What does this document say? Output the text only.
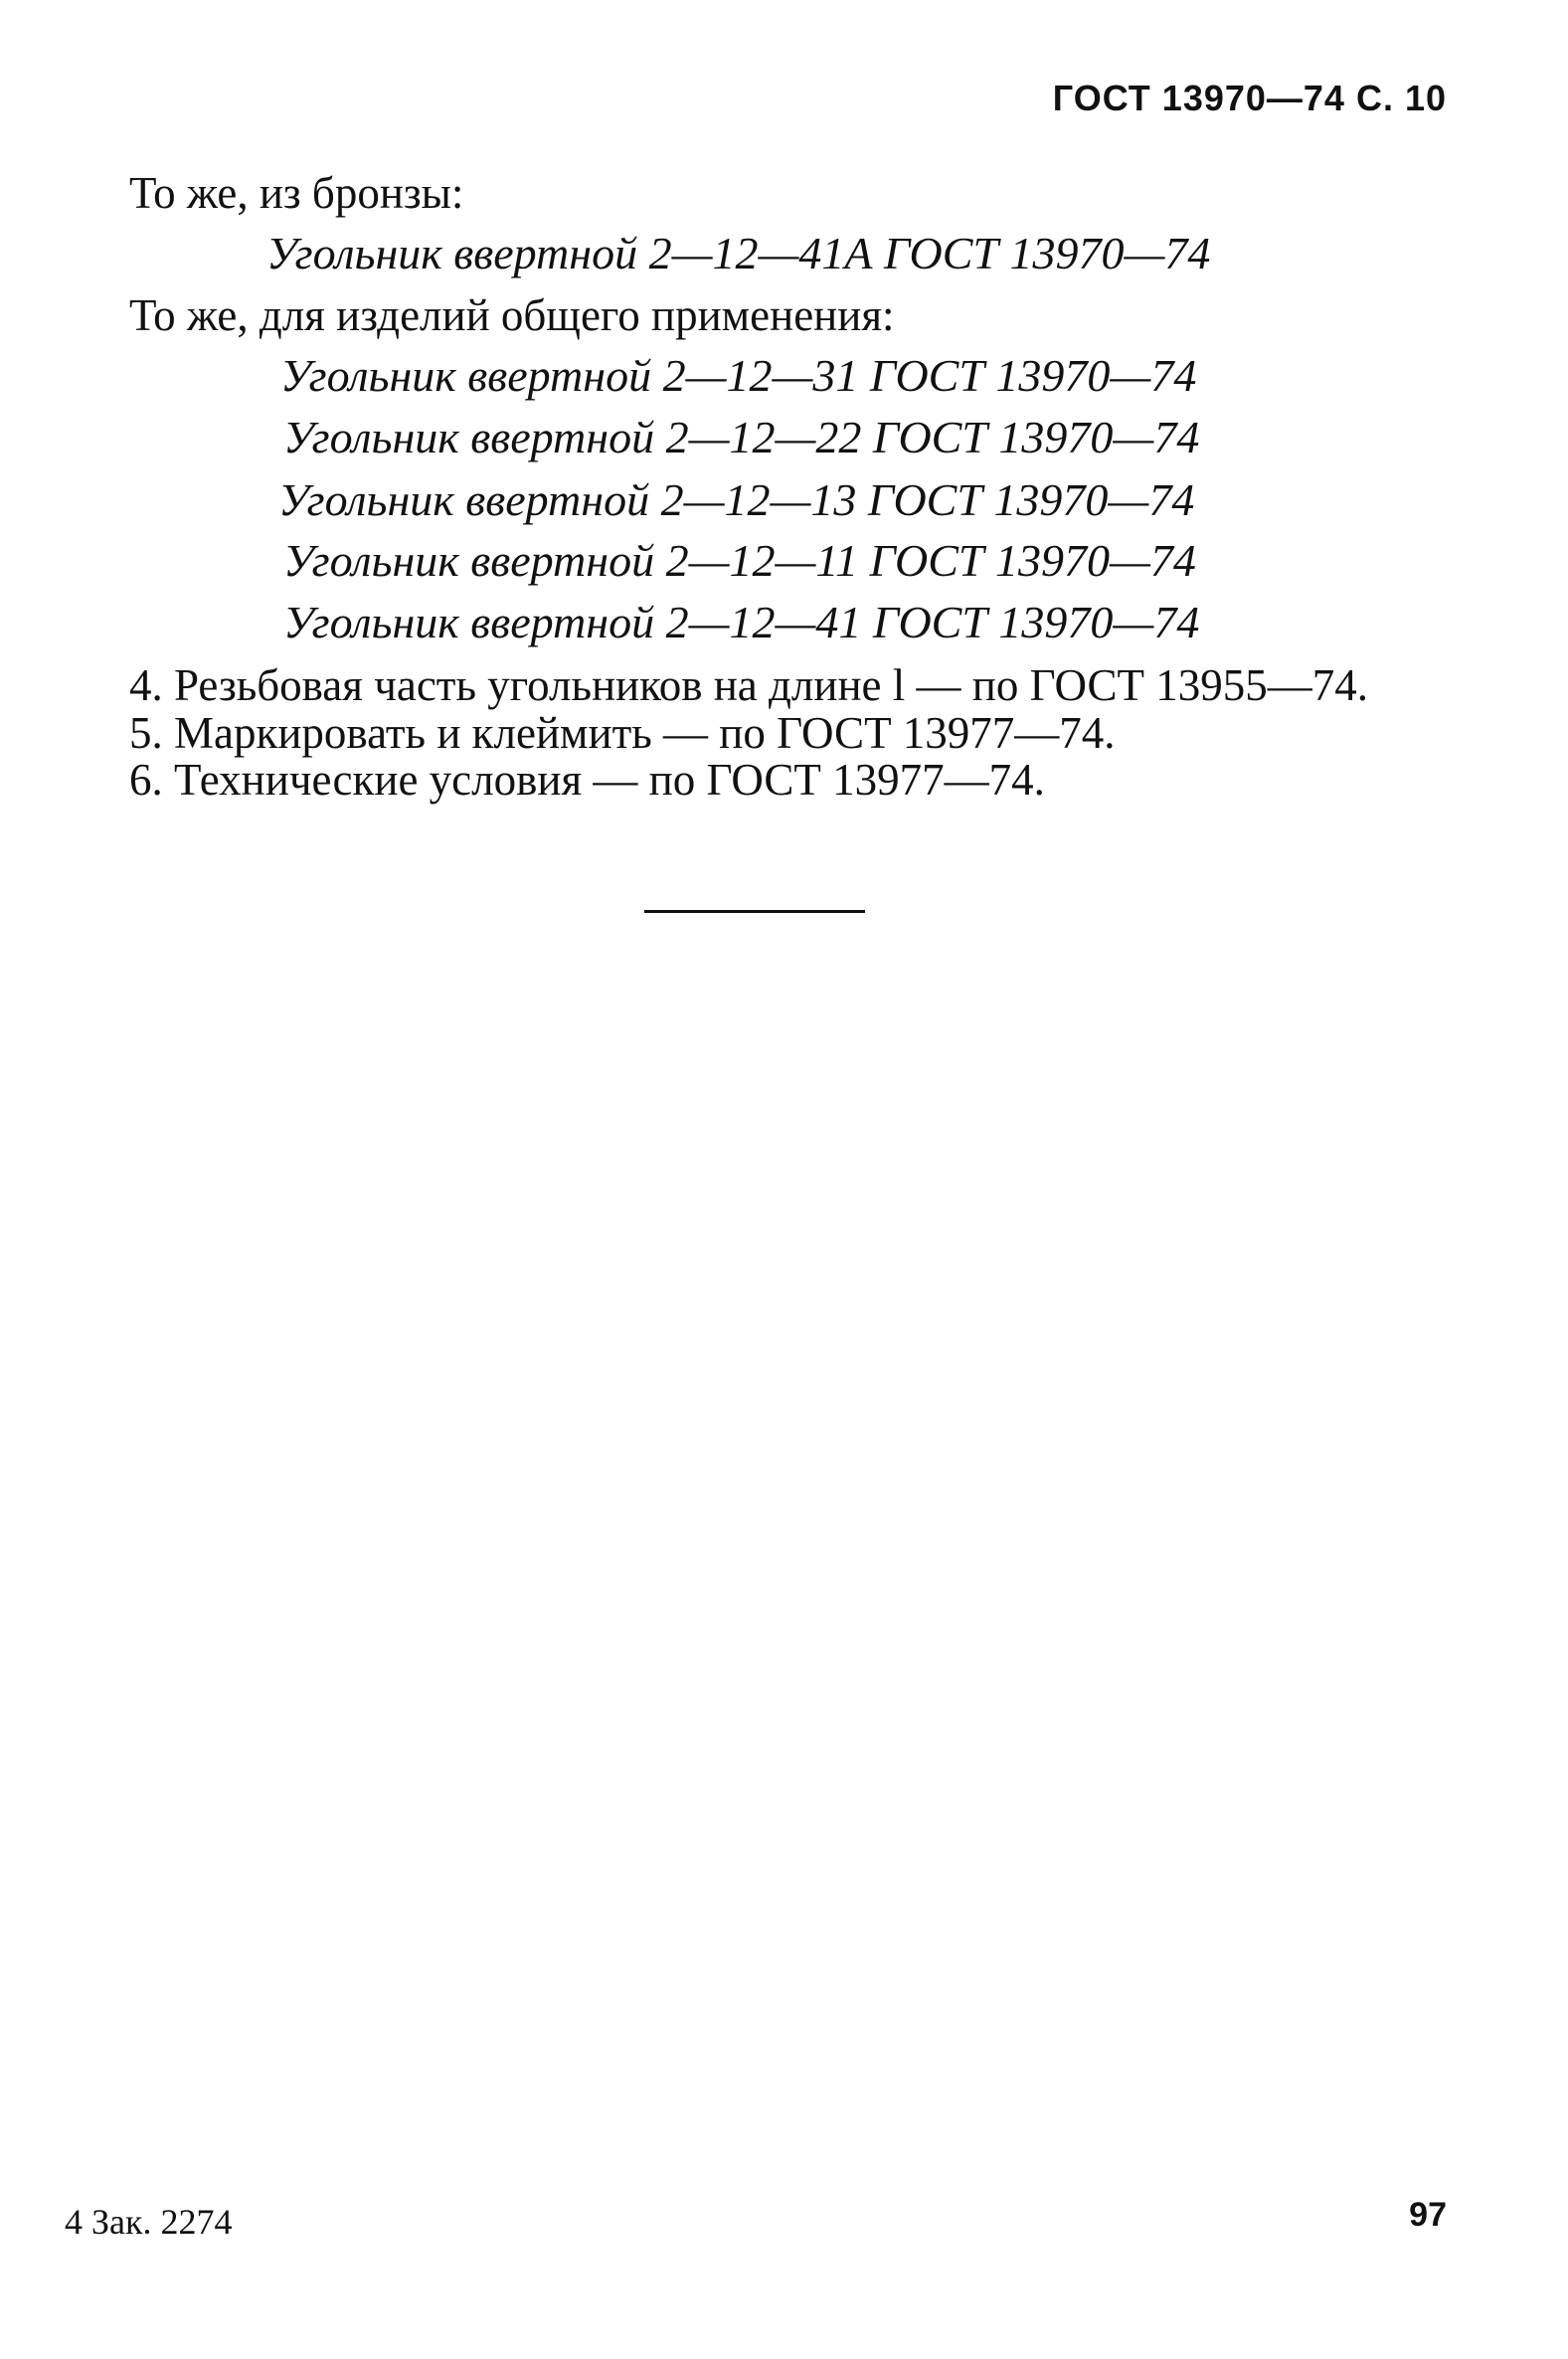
ГОСТ 13970—74 С. 10
То же, из бронзы:
Угольник ввертной 2—12—41А ГОСТ 13970—74
То же, для изделий общего применения:
Угольник ввертной 2—12—31 ГОСТ 13970—74
Угольник ввертной 2—12—22 ГОСТ 13970—74
Угольник ввертной 2—12—13 ГОСТ 13970—74
Угольник ввертной 2—12—11 ГОСТ 13970—74
Угольник ввертной 2—12—41 ГОСТ 13970—74
4. Резьбовая часть угольников на длине l — по ГОСТ 13955—74.
5. Маркировать и клеймить — по ГОСТ 13977—74.
6. Технические условия — по ГОСТ 13977—74.
4 Зак. 2274	97
